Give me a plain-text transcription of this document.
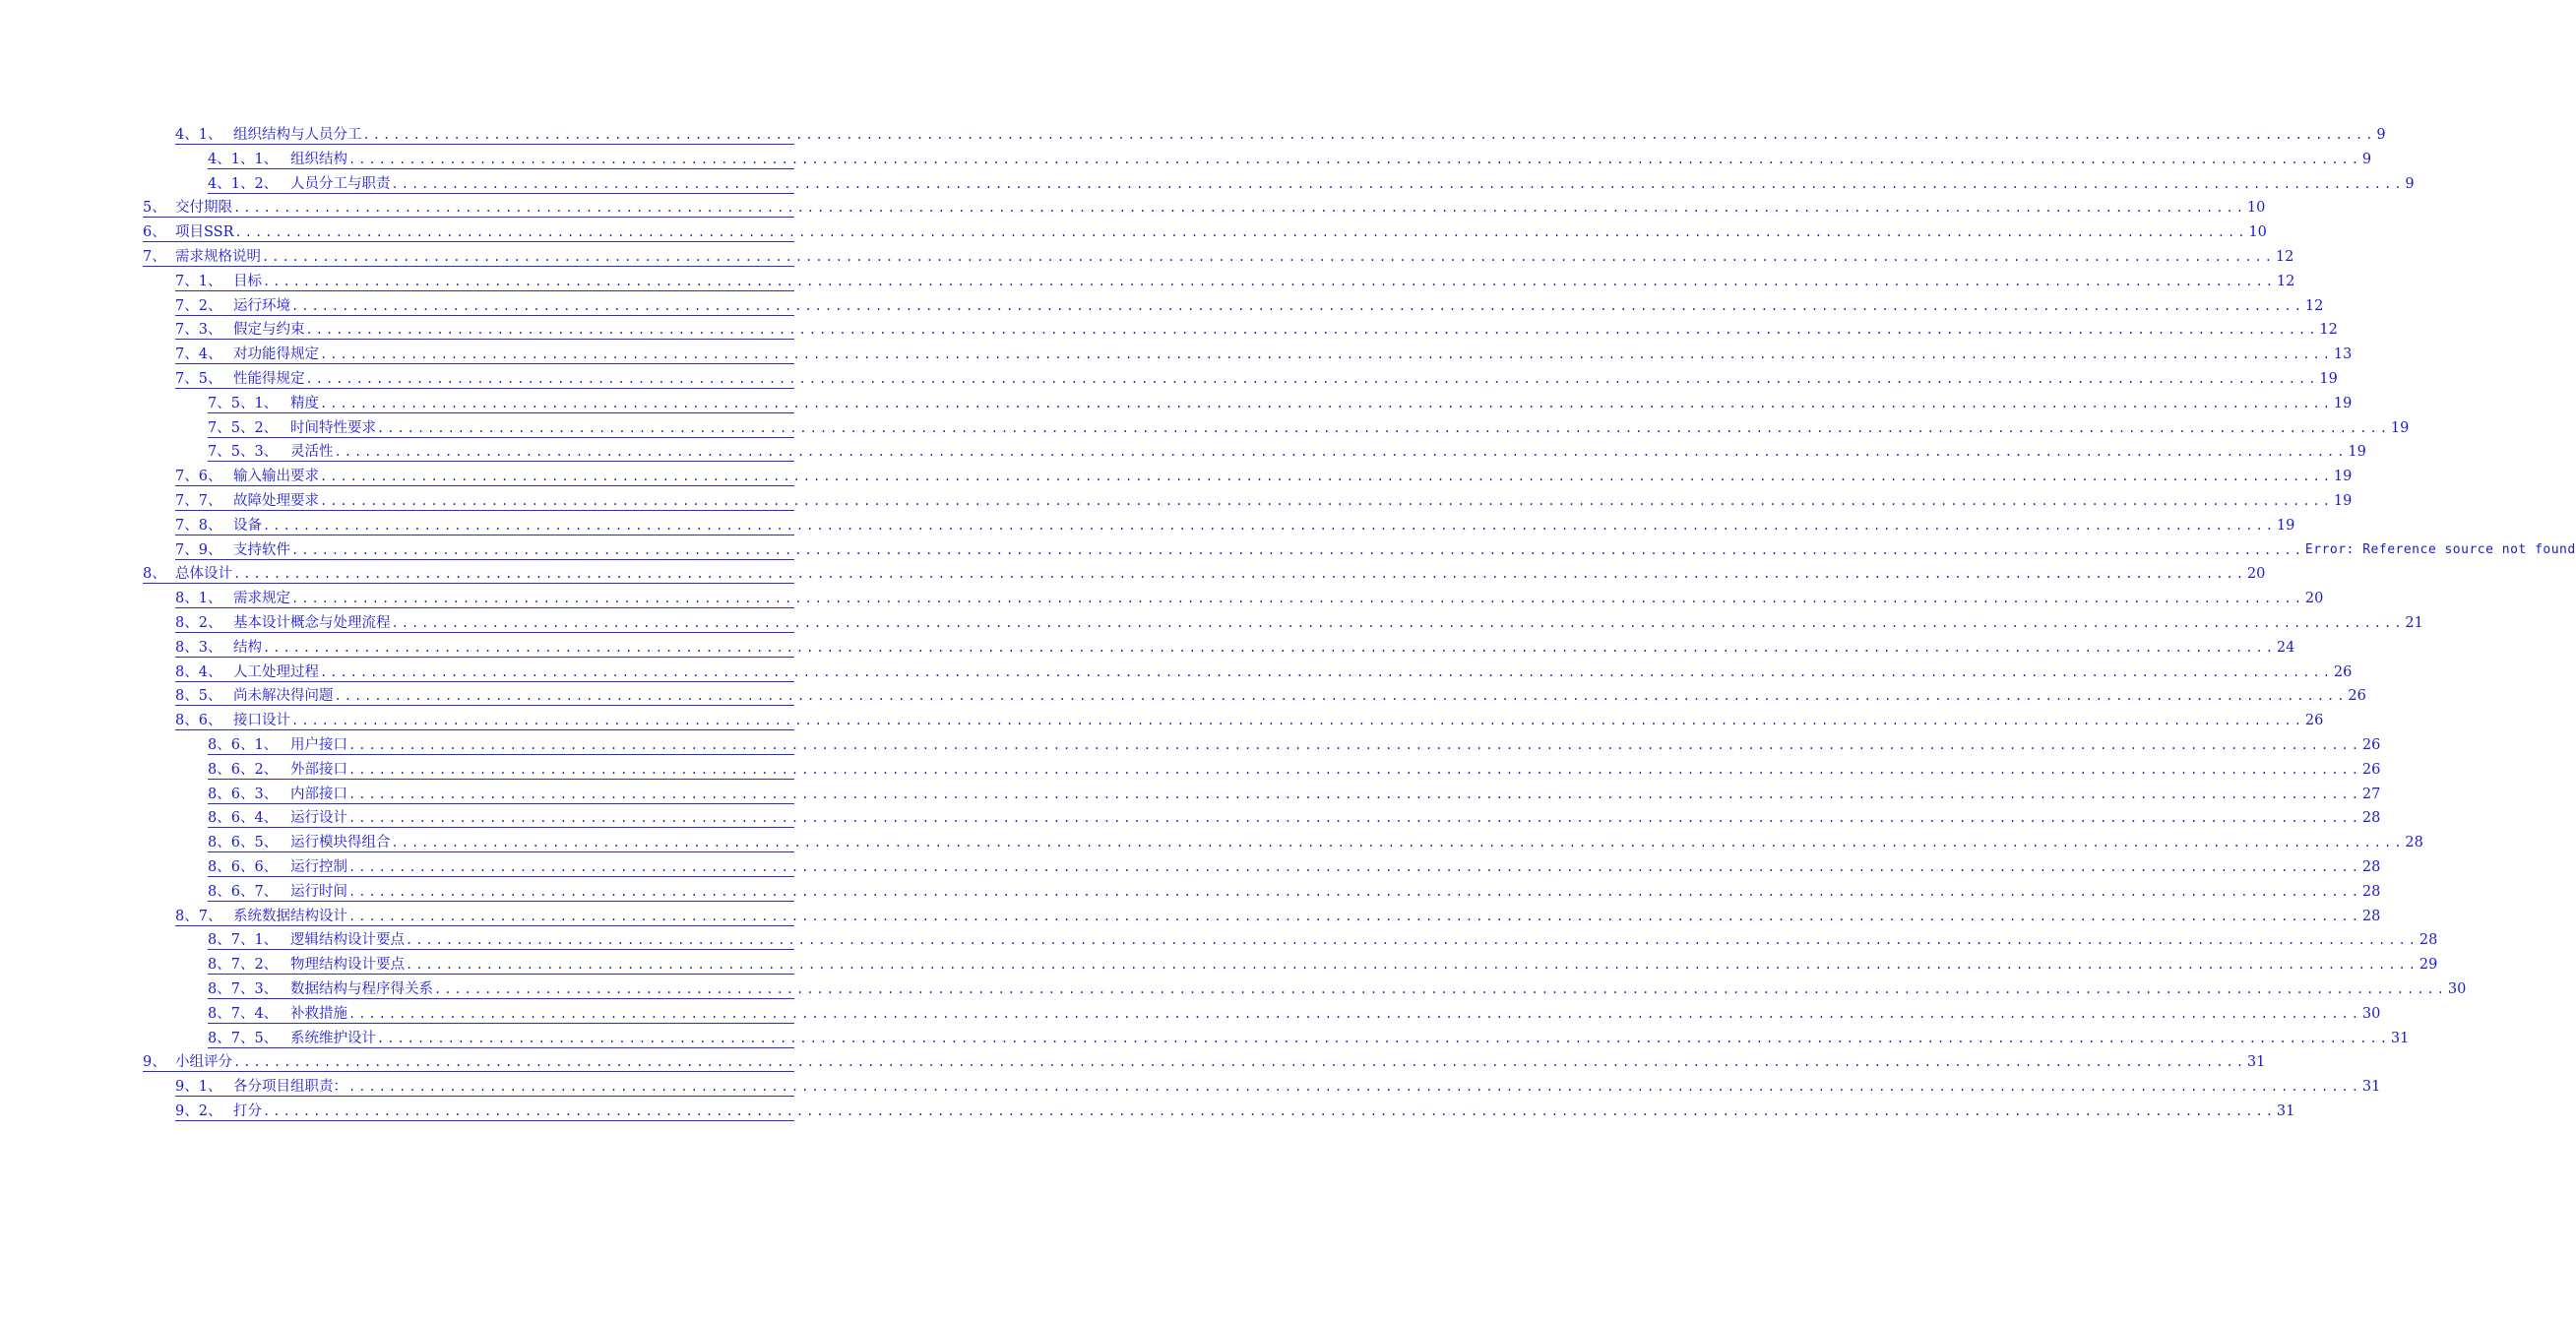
4、1、 组织结构与人员分工 ........................................................................................................................................................................................................ 9
4、1、1、 组织结构 ........................................................................................................................................................................................................ 9
4、1、2、 人员分工与职责 ........................................................................................................................................................................................................ 9
5、 交付期限 ........................................................................................................................................................................................................ 10
6、 项目SSR ........................................................................................................................................................................................................ 10
7、 需求规格说明 ........................................................................................................................................................................................................ 12
7、1、 目标 ........................................................................................................................................................................................................ 12
7、2、 运行环境 ........................................................................................................................................................................................................ 12
7、3、 假定与约束 ........................................................................................................................................................................................................ 12
7、4、 对功能得规定 ........................................................................................................................................................................................................ 13
7、5、 性能得规定 ........................................................................................................................................................................................................ 19
7、5、1、 精度 ........................................................................................................................................................................................................ 19
7、5、2、 时间特性要求 ........................................................................................................................................................................................................ 19
7、5、3、 灵活性 ........................................................................................................................................................................................................ 19
7、6、 输入输出要求 ........................................................................................................................................................................................................ 19
7、7、 故障处理要求 ........................................................................................................................................................................................................ 19
7、8、 设备 ........................................................................................................................................................................................................ 19
7、9、 支持软件 ........................................................................................................................................................................................................ Error: Reference source not found
8、 总体设计 ........................................................................................................................................................................................................ 20
8、1、 需求规定 ........................................................................................................................................................................................................ 20
8、2、 基本设计概念与处理流程 ........................................................................................................................................................................................................ 21
8、3、 结构 ........................................................................................................................................................................................................ 24
8、4、 人工处理过程 ........................................................................................................................................................................................................ 26
8、5、 尚未解决得问题 ........................................................................................................................................................................................................ 26
8、6、 接口设计 ........................................................................................................................................................................................................ 26
8、6、1、 用户接口 ........................................................................................................................................................................................................ 26
8、6、2、 外部接口 ........................................................................................................................................................................................................ 26
8、6、3、 内部接口 ........................................................................................................................................................................................................ 27
8、6、4、 运行设计 ........................................................................................................................................................................................................ 28
8、6、5、 运行模块得组合 ........................................................................................................................................................................................................ 28
8、6、6、 运行控制 ........................................................................................................................................................................................................ 28
8、6、7、 运行时间 ........................................................................................................................................................................................................ 28
8、7、 系统数据结构设计 ........................................................................................................................................................................................................ 28
8、7、1、 逻辑结构设计要点 ........................................................................................................................................................................................................ 28
8、7、2、 物理结构设计要点 ........................................................................................................................................................................................................ 29
8、7、3、 数据结构与程序得关系 ........................................................................................................................................................................................................ 30
8、7、4、 补救措施 ........................................................................................................................................................................................................ 30
8、7、5、 系统维护设计 ........................................................................................................................................................................................................ 31
9、 小组评分 ........................................................................................................................................................................................................ 31
9、1、 各分项目组职责： ........................................................................................................................................................................................................ 31
9、2、 打分 ........................................................................................................................................................................................................ 31
